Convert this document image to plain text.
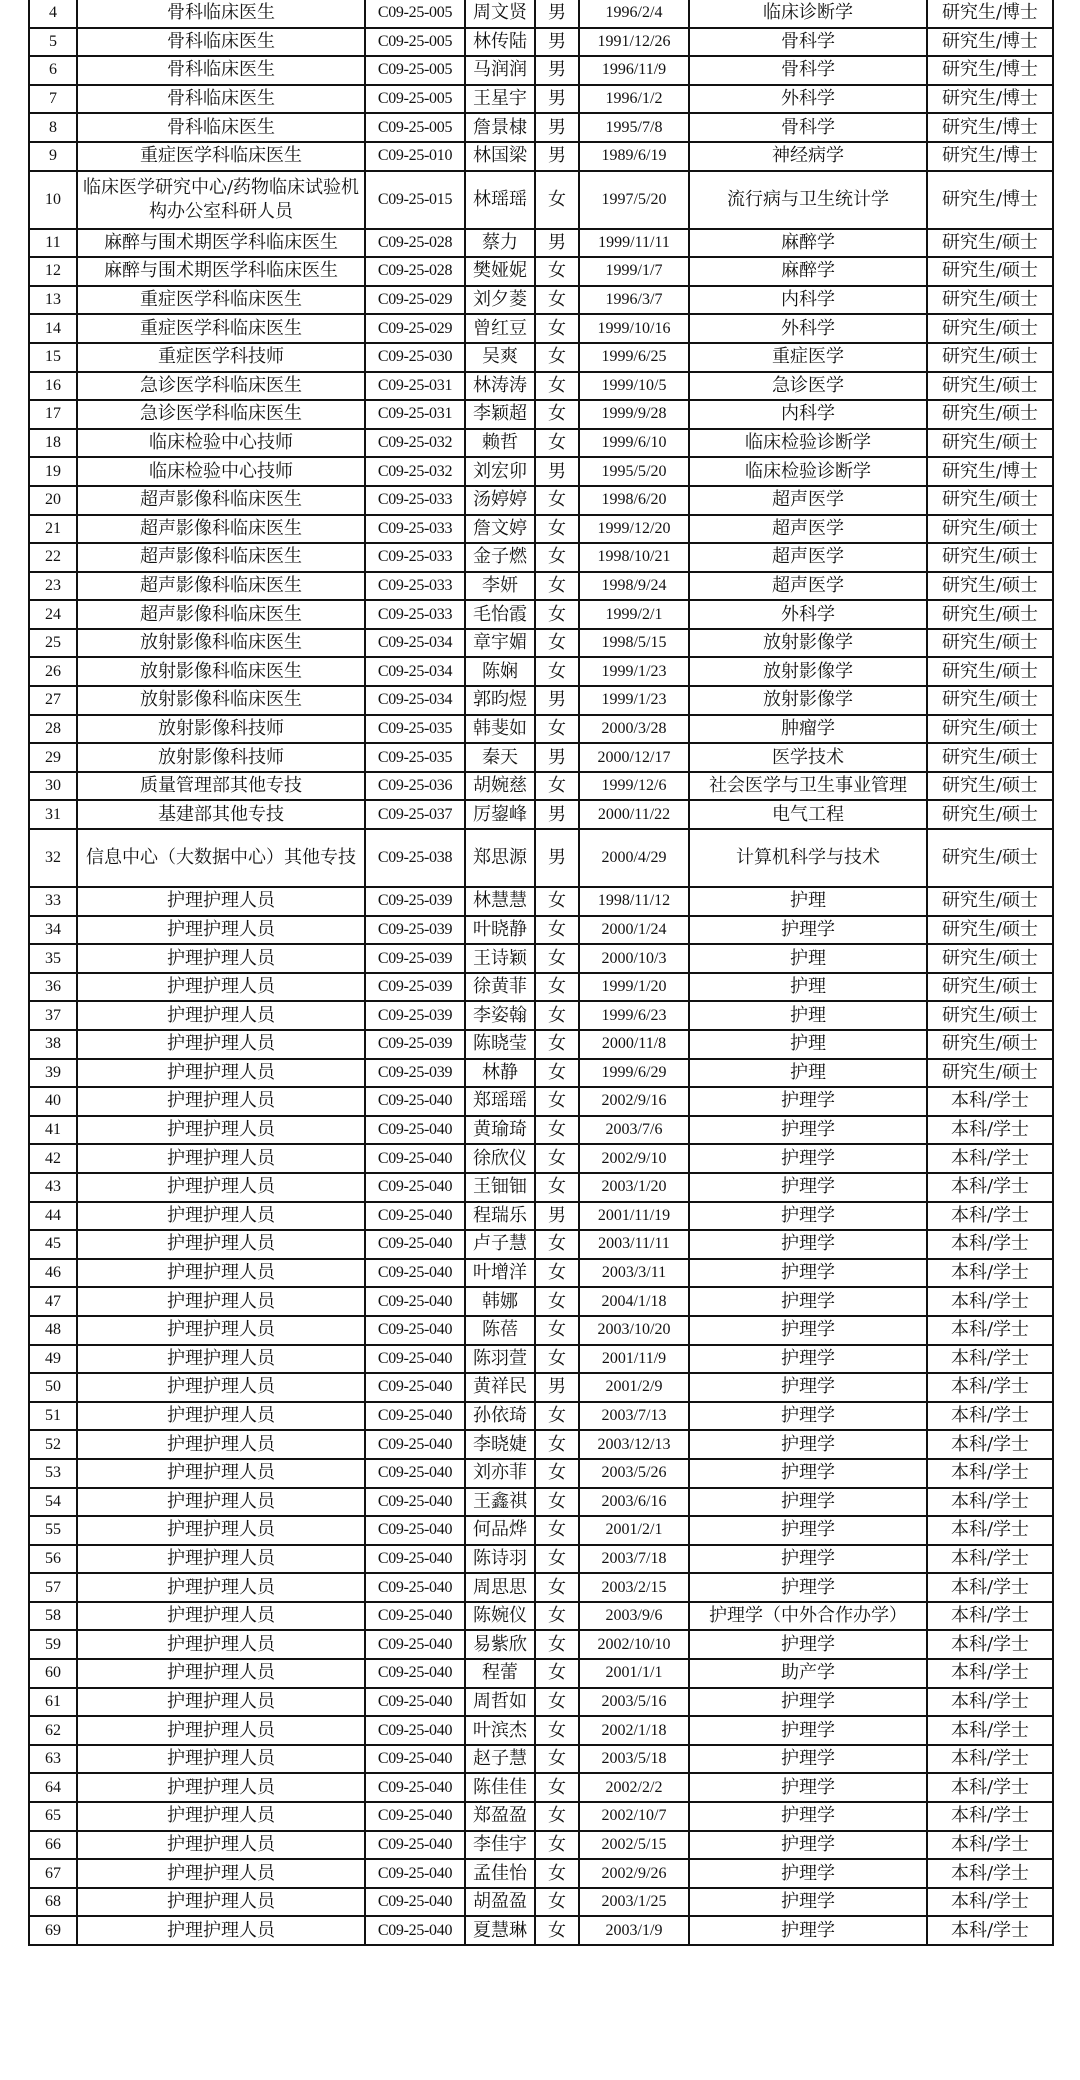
4	骨科临床医生	C09-25-005	周文贤	男	1996/2/4	临床诊断学	研究生/博士
5	骨科临床医生	C09-25-005	林传陆	男	1991/12/26	骨科学	研究生/博士
6	骨科临床医生	C09-25-005	马润润	男	1996/11/9	骨科学	研究生/博士
7	骨科临床医生	C09-25-005	王星宇	男	1996/1/2	外科学	研究生/博士
8	骨科临床医生	C09-25-005	詹景棣	男	1995/7/8	骨科学	研究生/博士
9	重症医学科临床医生	C09-25-010	林国梁	男	1989/6/19	神经病学	研究生/博士
10	临床医学研究中心/药物临床试验机构办公室科研人员	C09-25-015	林瑶瑶	女	1997/5/20	流行病与卫生统计学	研究生/博士
11	麻醉与围术期医学科临床医生	C09-25-028	蔡力	男	1999/11/11	麻醉学	研究生/硕士
12	麻醉与围术期医学科临床医生	C09-25-028	樊娅妮	女	1999/1/7	麻醉学	研究生/硕士
13	重症医学科临床医生	C09-25-029	刘夕菱	女	1996/3/7	内科学	研究生/硕士
14	重症医学科临床医生	C09-25-029	曾红豆	女	1999/10/16	外科学	研究生/硕士
15	重症医学科技师	C09-25-030	吴爽	女	1999/6/25	重症医学	研究生/硕士
16	急诊医学科临床医生	C09-25-031	林涛涛	女	1999/10/5	急诊医学	研究生/硕士
17	急诊医学科临床医生	C09-25-031	李颖超	女	1999/9/28	内科学	研究生/硕士
18	临床检验中心技师	C09-25-032	赖哲	女	1999/6/10	临床检验诊断学	研究生/硕士
19	临床检验中心技师	C09-25-032	刘宏卯	男	1995/5/20	临床检验诊断学	研究生/博士
20	超声影像科临床医生	C09-25-033	汤婷婷	女	1998/6/20	超声医学	研究生/硕士
21	超声影像科临床医生	C09-25-033	詹文婷	女	1999/12/20	超声医学	研究生/硕士
22	超声影像科临床医生	C09-25-033	金子燃	女	1998/10/21	超声医学	研究生/硕士
23	超声影像科临床医生	C09-25-033	李妍	女	1998/9/24	超声医学	研究生/硕士
24	超声影像科临床医生	C09-25-033	毛怡霞	女	1999/2/1	外科学	研究生/硕士
25	放射影像科临床医生	C09-25-034	章宇媚	女	1998/5/15	放射影像学	研究生/硕士
26	放射影像科临床医生	C09-25-034	陈娴	女	1999/1/23	放射影像学	研究生/硕士
27	放射影像科临床医生	C09-25-034	郭昀煜	男	1999/1/23	放射影像学	研究生/硕士
28	放射影像科技师	C09-25-035	韩斐如	女	2000/3/28	肿瘤学	研究生/硕士
29	放射影像科技师	C09-25-035	秦天	男	2000/12/17	医学技术	研究生/硕士
30	质量管理部其他专技	C09-25-036	胡婉慈	女	1999/12/6	社会医学与卫生事业管理	研究生/硕士
31	基建部其他专技	C09-25-037	厉鋆峰	男	2000/11/22	电气工程	研究生/硕士
32	信息中心（大数据中心）其他专技	C09-25-038	郑思源	男	2000/4/29	计算机科学与技术	研究生/硕士
33	护理护理人员	C09-25-039	林慧慧	女	1998/11/12	护理	研究生/硕士
34	护理护理人员	C09-25-039	叶晓静	女	2000/1/24	护理学	研究生/硕士
35	护理护理人员	C09-25-039	王诗颖	女	2000/10/3	护理	研究生/硕士
36	护理护理人员	C09-25-039	徐黄菲	女	1999/1/20	护理	研究生/硕士
37	护理护理人员	C09-25-039	李姿翰	女	1999/6/23	护理	研究生/硕士
38	护理护理人员	C09-25-039	陈晓莹	女	2000/11/8	护理	研究生/硕士
39	护理护理人员	C09-25-039	林静	女	1999/6/29	护理	研究生/硕士
40	护理护理人员	C09-25-040	郑瑶瑶	女	2002/9/16	护理学	本科/学士
41	护理护理人员	C09-25-040	黄瑜琦	女	2003/7/6	护理学	本科/学士
42	护理护理人员	C09-25-040	徐欣仪	女	2002/9/10	护理学	本科/学士
43	护理护理人员	C09-25-040	王钿钿	女	2003/1/20	护理学	本科/学士
44	护理护理人员	C09-25-040	程瑞乐	男	2001/11/19	护理学	本科/学士
45	护理护理人员	C09-25-040	卢子慧	女	2003/11/11	护理学	本科/学士
46	护理护理人员	C09-25-040	叶增洋	女	2003/3/11	护理学	本科/学士
47	护理护理人员	C09-25-040	韩娜	女	2004/1/18	护理学	本科/学士
48	护理护理人员	C09-25-040	陈蓓	女	2003/10/20	护理学	本科/学士
49	护理护理人员	C09-25-040	陈羽萱	女	2001/11/9	护理学	本科/学士
50	护理护理人员	C09-25-040	黄祥民	男	2001/2/9	护理学	本科/学士
51	护理护理人员	C09-25-040	孙依琦	女	2003/7/13	护理学	本科/学士
52	护理护理人员	C09-25-040	李晓婕	女	2003/12/13	护理学	本科/学士
53	护理护理人员	C09-25-040	刘亦菲	女	2003/5/26	护理学	本科/学士
54	护理护理人员	C09-25-040	王鑫祺	女	2003/6/16	护理学	本科/学士
55	护理护理人员	C09-25-040	何品烨	女	2001/2/1	护理学	本科/学士
56	护理护理人员	C09-25-040	陈诗羽	女	2003/7/18	护理学	本科/学士
57	护理护理人员	C09-25-040	周思思	女	2003/2/15	护理学	本科/学士
58	护理护理人员	C09-25-040	陈婉仪	女	2003/9/6	护理学（中外合作办学）	本科/学士
59	护理护理人员	C09-25-040	易紫欣	女	2002/10/10	护理学	本科/学士
60	护理护理人员	C09-25-040	程蕾	女	2001/1/1	助产学	本科/学士
61	护理护理人员	C09-25-040	周哲如	女	2003/5/16	护理学	本科/学士
62	护理护理人员	C09-25-040	叶滨杰	女	2002/1/18	护理学	本科/学士
63	护理护理人员	C09-25-040	赵子慧	女	2003/5/18	护理学	本科/学士
64	护理护理人员	C09-25-040	陈佳佳	女	2002/2/2	护理学	本科/学士
65	护理护理人员	C09-25-040	郑盈盈	女	2002/10/7	护理学	本科/学士
66	护理护理人员	C09-25-040	李佳宇	女	2002/5/15	护理学	本科/学士
67	护理护理人员	C09-25-040	孟佳怡	女	2002/9/26	护理学	本科/学士
68	护理护理人员	C09-25-040	胡盈盈	女	2003/1/25	护理学	本科/学士
69	护理护理人员	C09-25-040	夏慧琳	女	2003/1/9	护理学	本科/学士
